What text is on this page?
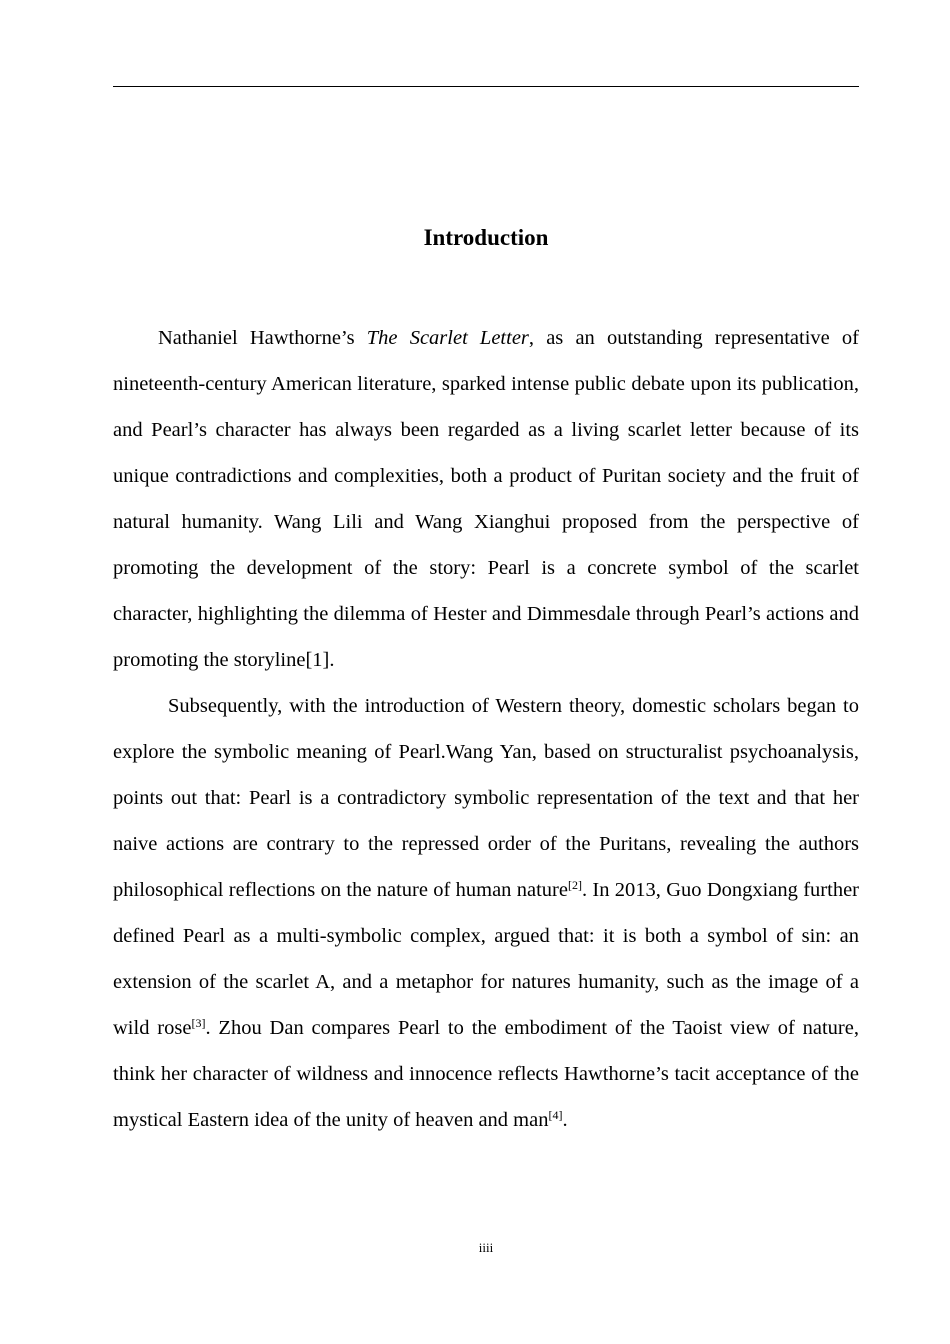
Introduction

Nathaniel Hawthorne’s The Scarlet Letter, as an outstanding representative of nineteenth-century American literature, sparked intense public debate upon its publication, and Pearl’s character has always been regarded as a living scarlet letter because of its unique contradictions and complexities, both a product of Puritan society and the fruit of natural humanity. Wang Lili and Wang Xianghui proposed from the perspective of promoting the development of the story: Pearl is a concrete symbol of the scarlet character, highlighting the dilemma of Hester and Dimmesdale through Pearl’s actions and promoting the storyline[1].

Subsequently, with the introduction of Western theory, domestic scholars began to explore the symbolic meaning of Pearl.Wang Yan, based on structuralist psychoanalysis, points out that: Pearl is a contradictory symbolic representation of the text and that her naive actions are contrary to the repressed order of the Puritans, revealing the authors philosophical reflections on the nature of human nature[2]. In 2013, Guo Dongxiang further defined Pearl as a multi-symbolic complex, argued that: it is both a symbol of sin: an extension of the scarlet A, and a metaphor for natures humanity, such as the image of a wild rose[3]. Zhou Dan compares Pearl to the embodiment of the Taoist view of nature, think her character of wildness and innocence reflects Hawthorne’s tacit acceptance of the mystical Eastern idea of the unity of heaven and man[4].

iiii
